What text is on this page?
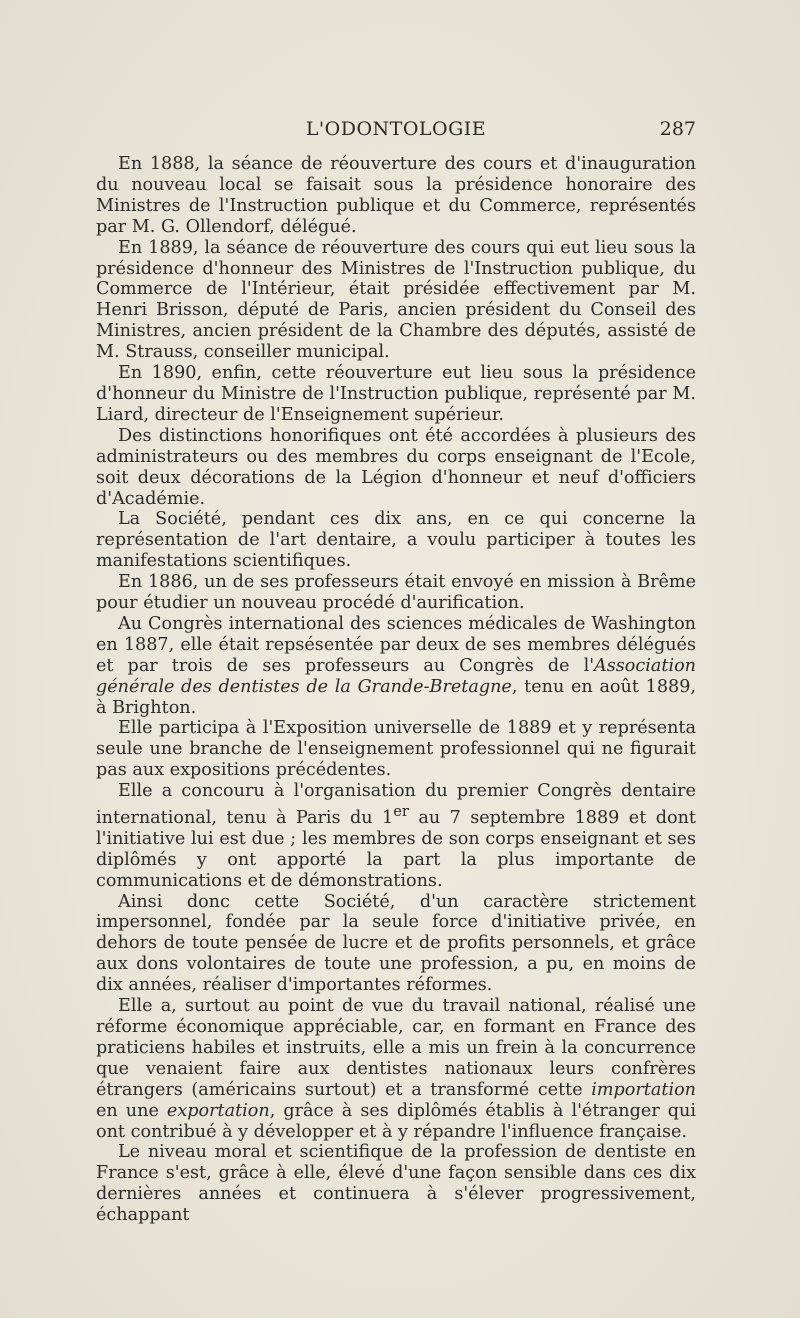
L'ODONTOLOGIE	287

En 1888, la séance de réouverture des cours et d'inauguration du nouveau local se faisait sous la présidence honoraire des Ministres de l'Instruction publique et du Commerce, représentés par M. G. Ollendorf, délégué.

En 1889, la séance de réouverture des cours qui eut lieu sous la présidence d'honneur des Ministres de l'Instruction publique, du Commerce de l'Intérieur, était présidée effectivement par M. Henri Brisson, député de Paris, ancien président du Conseil des Ministres, ancien président de la Chambre des députés, assisté de M. Strauss, conseiller municipal.

En 1890, enfin, cette réouverture eut lieu sous la présidence d'honneur du Ministre de l'Instruction publique, représenté par M. Liard, directeur de l'Enseignement supérieur.

Des distinctions honorifiques ont été accordées à plusieurs des administrateurs ou des membres du corps enseignant de l'Ecole, soit deux décorations de la Légion d'honneur et neuf d'officiers d'Académie.

La Société, pendant ces dix ans, en ce qui concerne la représentation de l'art dentaire, a voulu participer à toutes les manifestations scientifiques.

En 1886, un de ses professeurs était envoyé en mission à Brême pour étudier un nouveau procédé d'aurification.

Au Congrès international des sciences médicales de Washington en 1887, elle était repsésentée par deux de ses membres délégués et par trois de ses professeurs au Congrès de l'Association générale des dentistes de la Grande-Bretagne, tenu en août 1889, à Brighton.

Elle participa à l'Exposition universelle de 1889 et y représenta seule une branche de l'enseignement professionnel qui ne figurait pas aux expositions précédentes.

Elle a concouru à l'organisation du premier Congrès dentaire international, tenu à Paris du 1er au 7 septembre 1889 et dont l'initiative lui est due ; les membres de son corps enseignant et ses diplômés y ont apporté la part la plus importante de communications et de démonstrations.

Ainsi donc cette Société, d'un caractère strictement impersonnel, fondée par la seule force d'initiative privée, en dehors de toute pensée de lucre et de profits personnels, et grâce aux dons volontaires de toute une profession, a pu, en moins de dix années, réaliser d'importantes réformes.

Elle a, surtout au point de vue du travail national, réalisé une réforme économique appréciable, car, en formant en France des praticiens habiles et instruits, elle a mis un frein à la concurrence que venaient faire aux dentistes nationaux leurs confrères étrangers (américains surtout) et a transformé cette importation en une exportation, grâce à ses diplômés établis à l'étranger qui ont contribué à y développer et à y répandre l'influence française.

Le niveau moral et scientifique de la profession de dentiste en France s'est, grâce à elle, élevé d'une façon sensible dans ces dix dernières années et continuera à s'élever progressivement, échappant
